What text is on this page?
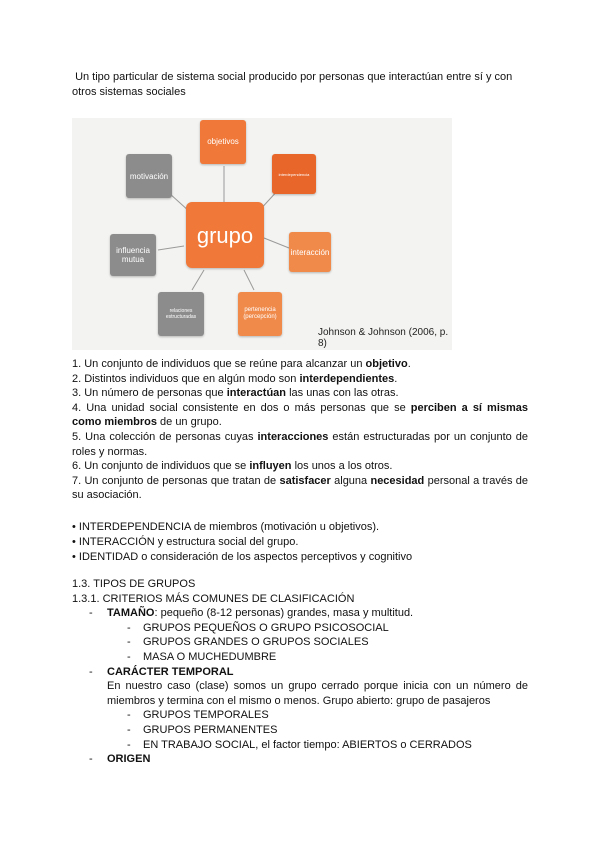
Un tipo particular de sistema social producido por personas que interactúan entre sí y con otros sistemas sociales
grupo
objetivos
interdependencia
interacción
pertenencia (percepción)
relaciones estructuradas
influencia mutua
motivación
Johnson & Johnson (2006, p. 8)

1. Un conjunto de individuos que se reúne para alcanzar un objetivo.

2. Distintos individuos que en algún modo son interdependientes.

3. Un número de personas que interactúan las unas con las otras.

4. Una unidad social consistente en dos o más personas que se perciben a sí mismas como miembros de un grupo.

5. Una colección de personas cuyas interacciones están estructuradas por un conjunto de roles y normas.

6. Un conjunto de individuos que se influyen los unos a los otros.

7. Un conjunto de personas que tratan de satisfacer alguna necesidad personal a través de su asociación.

• INTERDEPENDENCIA de miembros (motivación u objetivos).

• INTERACCIÓN y estructura social del grupo.

• IDENTIDAD o consideración de los aspectos perceptivos y cognitivo

1.3. TIPOS DE GRUPOS

1.3.1. CRITERIOS MÁS COMUNES DE CLASIFICACIÓN

- TAMAÑO: pequeño (8-12 personas) grandes, masa y multitud.

- GRUPOS PEQUEÑOS O GRUPO PSICOSOCIAL

- GRUPOS GRANDES O GRUPOS SOCIALES

- MASA O MUCHEDUMBRE

- CARÁCTER TEMPORAL

En nuestro caso (clase) somos un grupo cerrado porque inicia con un número de miembros y termina con el mismo o menos. Grupo abierto: grupo de pasajeros

- GRUPOS TEMPORALES

- GRUPOS PERMANENTES

- EN TRABAJO SOCIAL, el factor tiempo: ABIERTOS o CERRADOS

- ORIGEN
